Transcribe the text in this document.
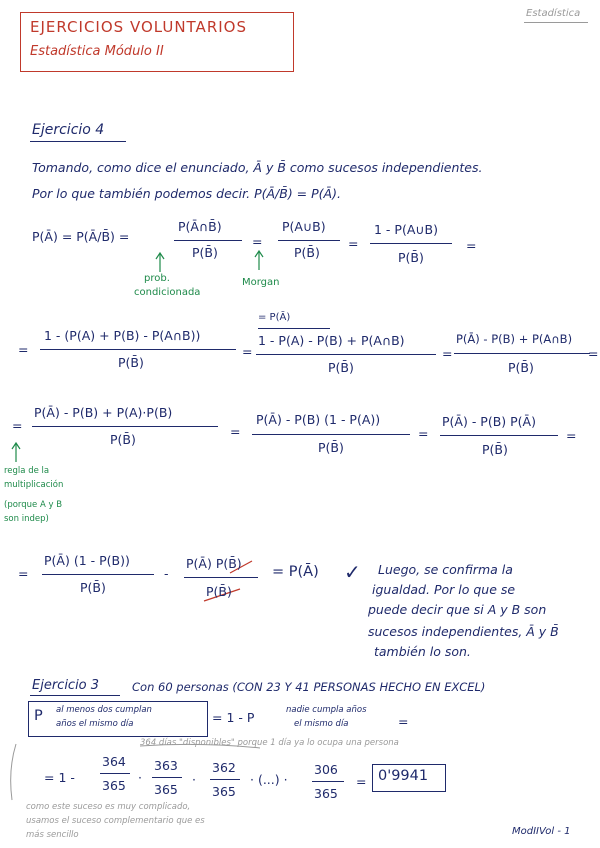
EJERCICIOS VOLUNTARIOS
Estadística Módulo II
Estadística
Ejercicio 4
Tomando, como dice el enunciado, Ā y B̄ como sucesos independientes.
Por lo que también podemos decir. P(Ā/B̄) = P(Ā).
P(Ā) = P(Ā/B̄) =
P(Ā∩B̄)
P(B̄)
=
P(A∪B)
P(B̄)
=
1 - P(A∪B)
P(B̄)
=
prob.
condicionada
Morgan
=
1 - (P(A) + P(B) - P(A∩B))
P(B̄)
=
= P(Ā)
1 - P(A) - P(B) + P(A∩B)
P(B̄)
=
P(Ā) - P(B) + P(A∩B)
P(B̄)
=
=
P(Ā) - P(B) + P(A)·P(B)
P(B̄)
=
P(Ā) - P(B) (1 - P(A))
P(B̄)
=
P(Ā) - P(B) P(Ā)
P(B̄)
=
regla de la
multiplicación
(porque A y B
son indep)
=
P(Ā) (1 - P(B))
P(B̄)
-
P(Ā) P(B̄)
P(B̄)
= P(Ā) ✓ Luego, se confirma la
igualdad. Por lo que se
puede decir que si A y B son
sucesos independientes, Ā y B̄
también lo son.
Ejercicio 3	Con 60 personas (CON 23 Y 41 PERSONAS HECHO EN EXCEL)
P al menos dos cumplan
años el mismo día	= 1 - P	nadie cumpla años
el mismo día	=
364 días "disponibles" porque 1 día ya lo ocupa una persona
= 1 -
364
365
·
363
365
·
362
365
· (...) ·
306
365
= 0'9941
como este suceso es muy complicado,
usamos el suceso complementario que es
más sencillo	ModIIVol - 1
